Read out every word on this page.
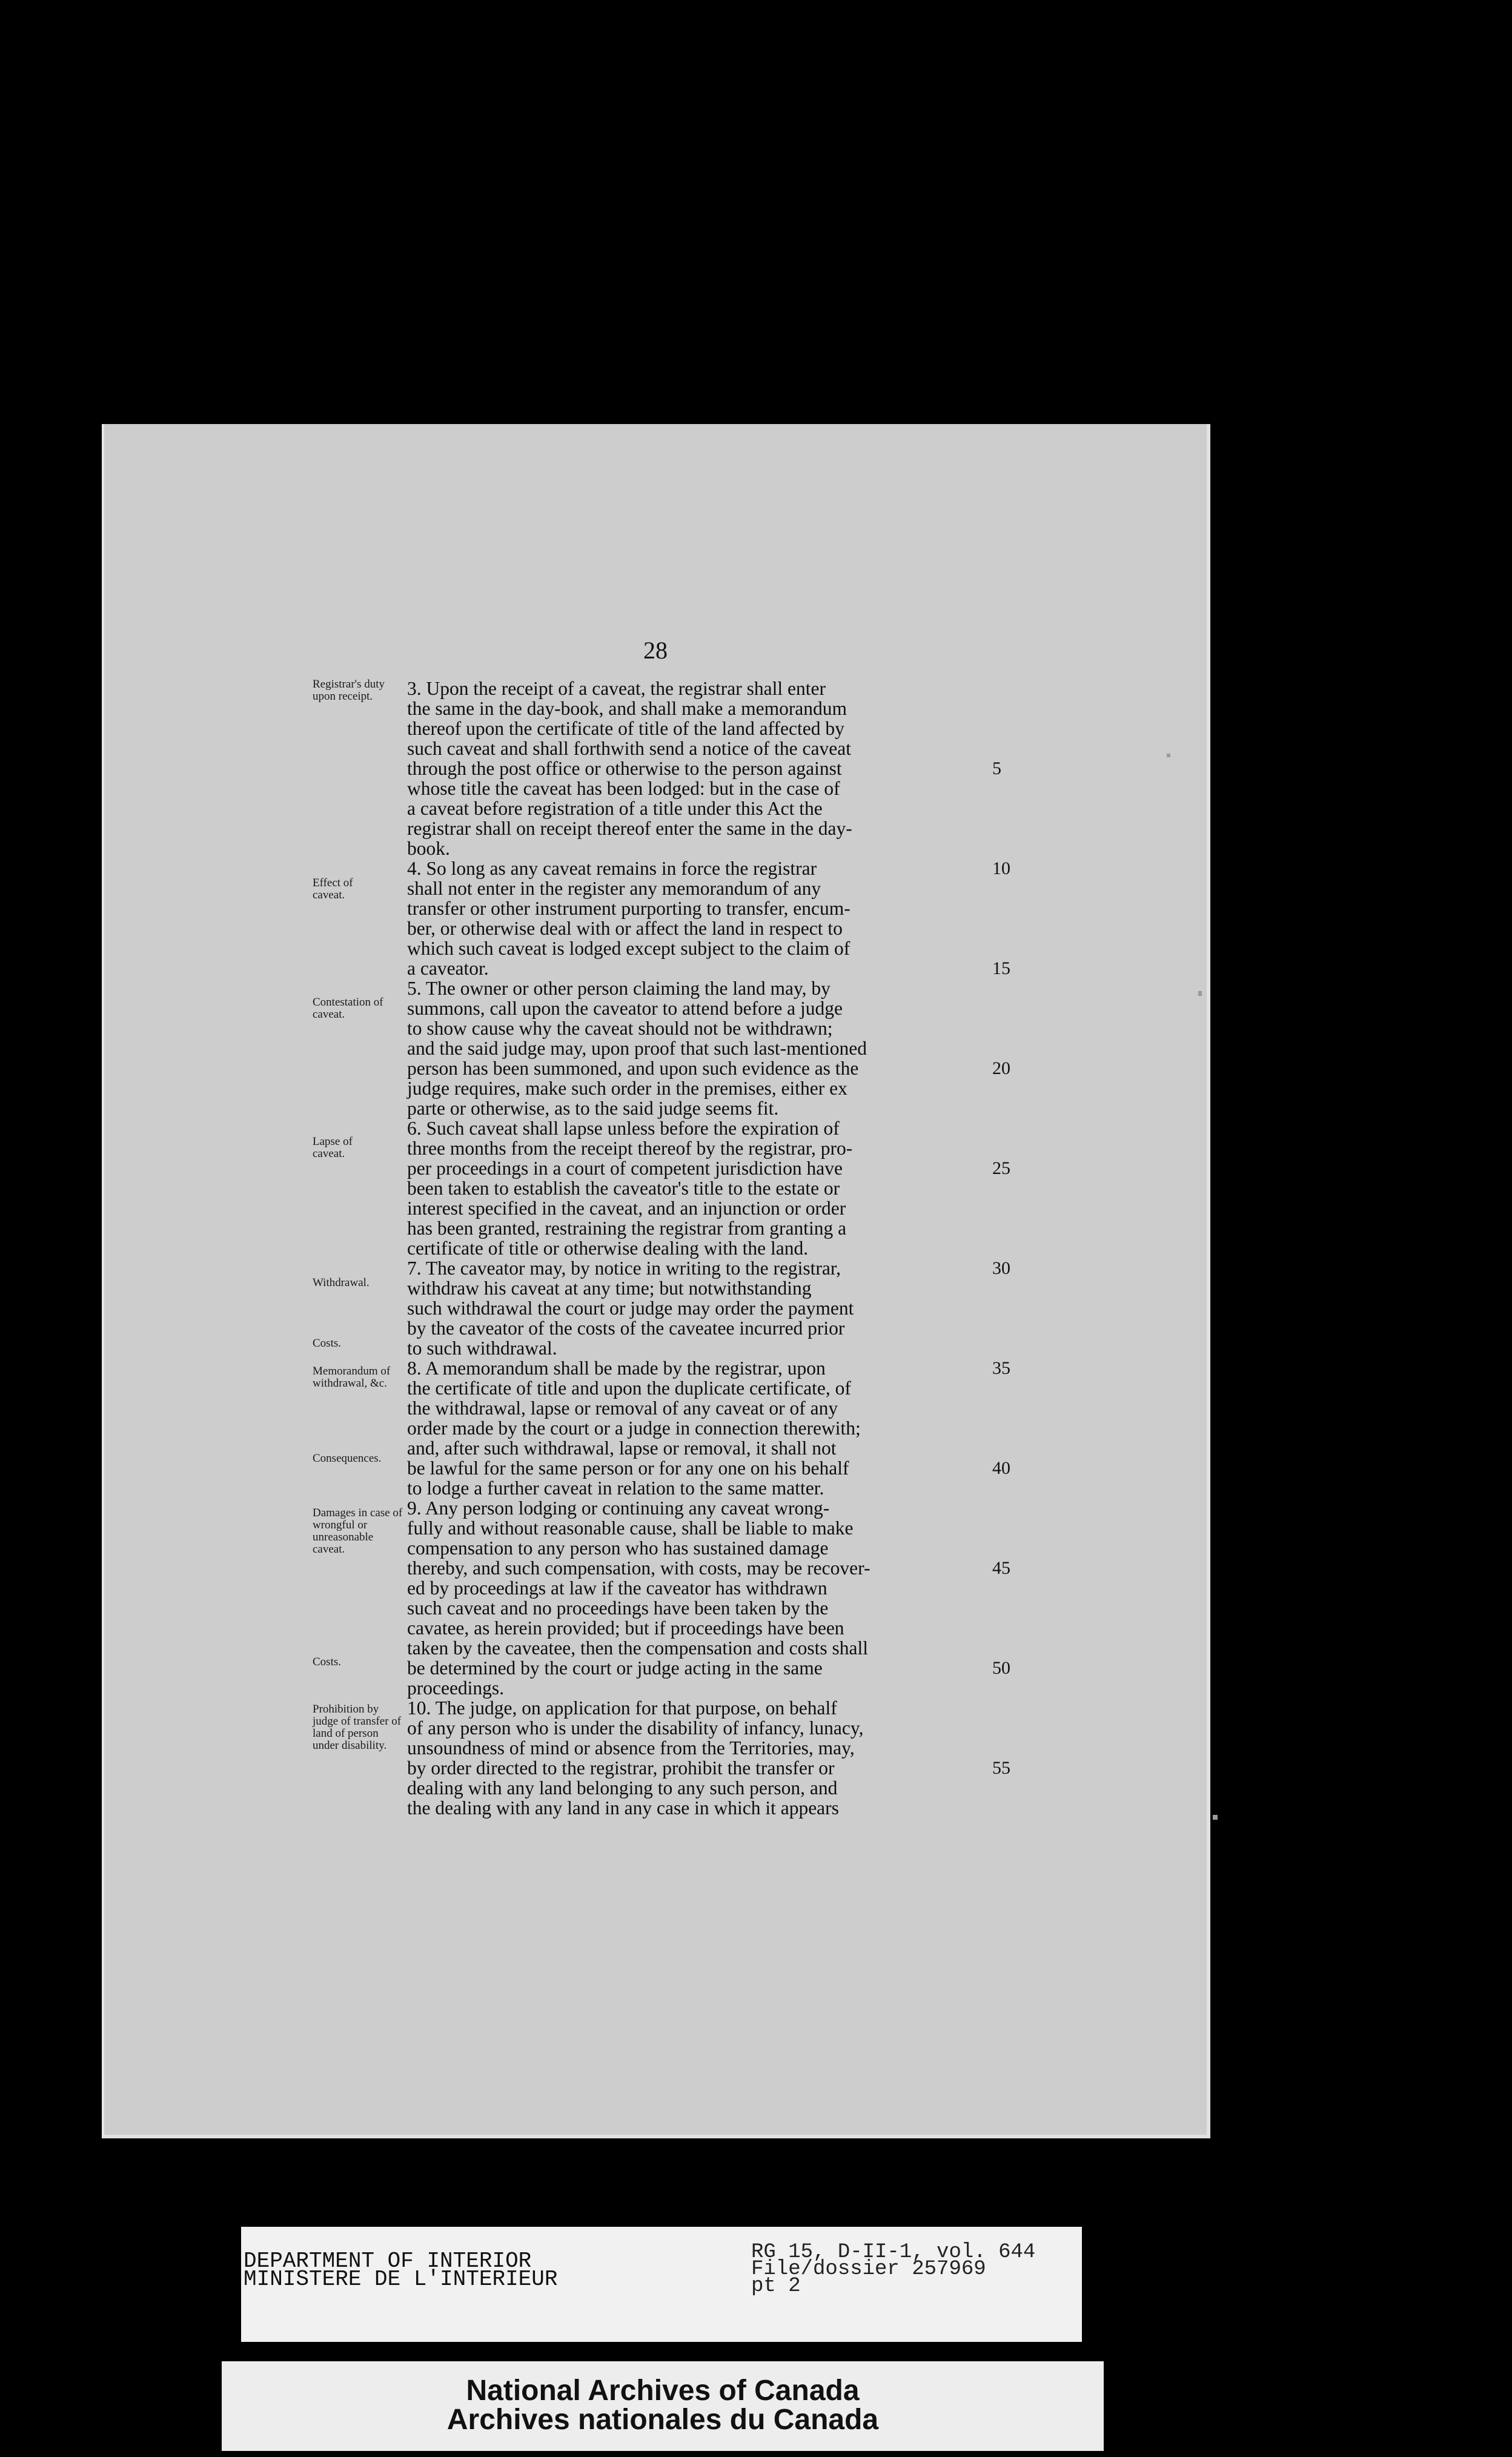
28
Registrar's duty upon receipt.
Effect of caveat.
Contestation of caveat.
Lapse of caveat.
Withdrawal.
Costs.
Memorandum of withdrawal, &c.
Consequences.
Damages in case of wrongful or unreasonable caveat.
Costs.
Prohibition by judge of transfer of land of person under disability.
3. Upon the receipt of a caveat, the registrar shall enter
the same in the day-book, and shall make a memorandum
thereof upon the certificate of title of the land affected by
such caveat and shall forthwith send a notice of the caveat
through the post office or otherwise to the person against
whose title the caveat has been lodged: but in the case of
a caveat before registration of a title under this Act the
registrar shall on receipt thereof enter the same in the day-
book.
4. So long as any caveat remains in force the registrar
shall not enter in the register any memorandum of any
transfer or other instrument purporting to transfer, encum-
ber, or otherwise deal with or affect the land in respect to
which such caveat is lodged except subject to the claim of
a caveator.
5. The owner or other person claiming the land may, by
summons, call upon the caveator to attend before a judge
to show cause why the caveat should not be withdrawn;
and the said judge may, upon proof that such last-mentioned
person has been summoned, and upon such evidence as the
judge requires, make such order in the premises, either ex
parte or otherwise, as to the said judge seems fit.
6. Such caveat shall lapse unless before the expiration of
three months from the receipt thereof by the registrar, pro-
per proceedings in a court of competent jurisdiction have
been taken to establish the caveator's title to the estate or
interest specified in the caveat, and an injunction or order
has been granted, restraining the registrar from granting a
certificate of title or otherwise dealing with the land.
7. The caveator may, by notice in writing to the registrar,
withdraw his caveat at any time; but notwithstanding
such withdrawal the court or judge may order the payment
by the caveator of the costs of the caveatee incurred prior
to such withdrawal.
8. A memorandum shall be made by the registrar, upon
the certificate of title and upon the duplicate certificate, of
the withdrawal, lapse or removal of any caveat or of any
order made by the court or a judge in connection therewith;
and, after such withdrawal, lapse or removal, it shall not
be lawful for the same person or for any one on his behalf
to lodge a further caveat in relation to the same matter.
9. Any person lodging or continuing any caveat wrong-
fully and without reasonable cause, shall be liable to make
compensation to any person who has sustained damage
thereby, and such compensation, with costs, may be recover-
ed by proceedings at law if the caveator has withdrawn
such caveat and no proceedings have been taken by the
cavatee, as herein provided; but if proceedings have been
taken by the caveatee, then the compensation and costs shall
be determined by the court or judge acting in the same
proceedings.
10. The judge, on application for that purpose, on behalf
of any person who is under the disability of infancy, lunacy,
unsoundness of mind or absence from the Territories, may,
by order directed to the registrar, prohibit the transfer or
dealing with any land belonging to any such person, and
the dealing with any land in any case in which it appears
5
10
15
20
25
30
35
40
45
50
55
DEPARTMENT OF INTERIOR
MINISTERE DE L'INTERIEUR
RG 15, D-II-1, vol. 644
File/dossier 257969
pt 2
National Archives of Canada
Archives nationales du Canada
